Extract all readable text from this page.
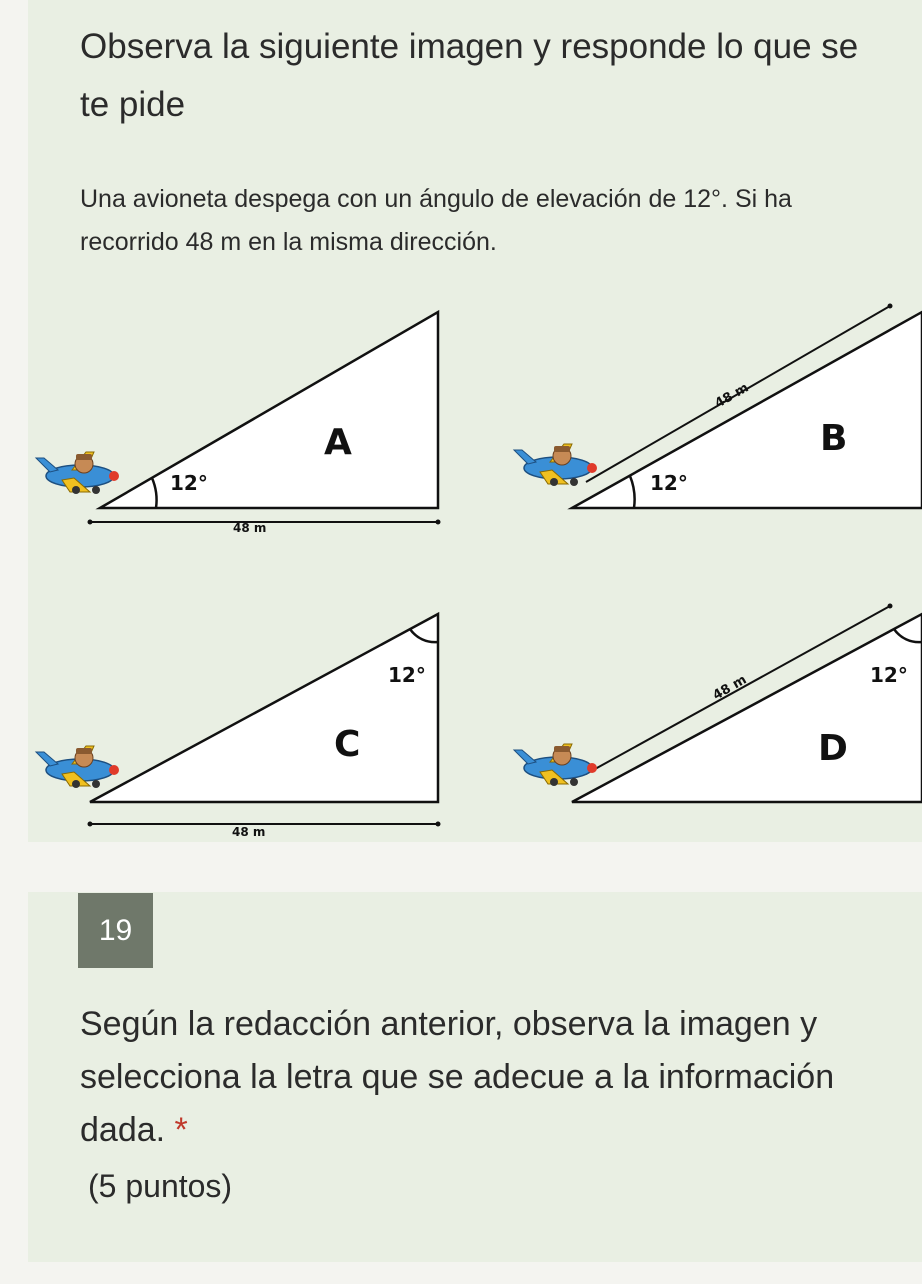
Observa la siguiente imagen y responde lo que se te pide

Una avioneta despega con un ángulo de elevación de 12°. Si ha recorrido 48 m en la misma dirección.

A
12°
48 m
48 m
B
12°
12°
C
48 m
48 m	12°
D
19

Según la redacción anterior, observa la imagen y selecciona la letra que se adecue a la información dada. *

(5 puntos)
